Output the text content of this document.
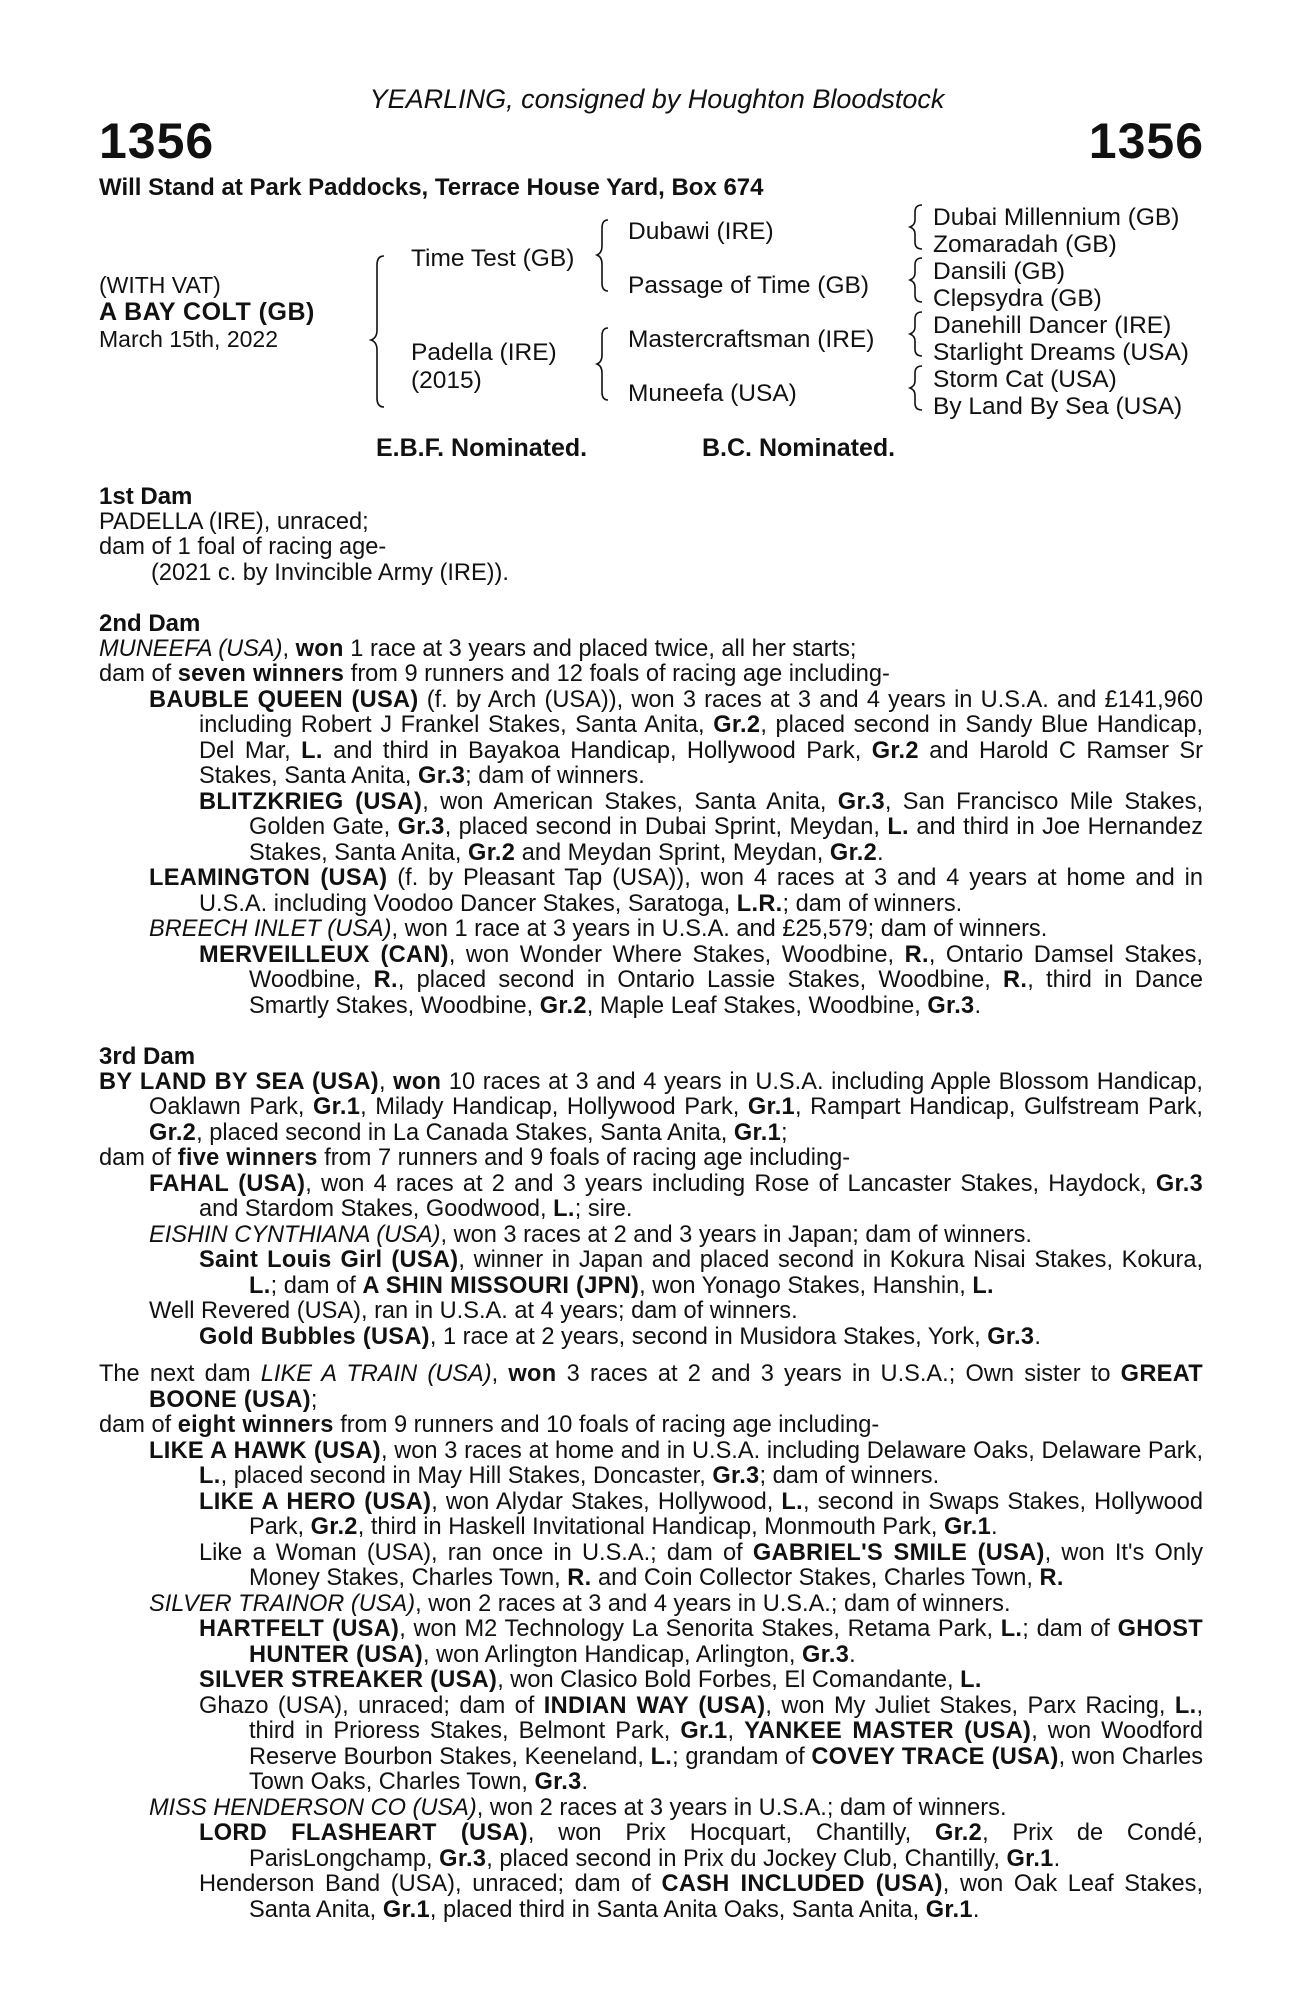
YEARLING, consigned by Houghton Bloodstock
1356	1356
Will Stand at Park Paddocks, Terrace House Yard, Box 674
(WITH VAT)
A BAY COLT (GB)
March 15th, 2022
Time Test (GB)
Padella (IRE)
(2015)
Dubawi (IRE)
Passage of Time (GB)
Mastercraftsman (IRE)
Muneefa (USA)
Dubai Millennium (GB)
Zomaradah (GB)
Dansili (GB)
Clepsydra (GB)
Danehill Dancer (IRE)
Starlight Dreams (USA)
Storm Cat (USA)
By Land By Sea (USA)
E.B.F. Nominated.	B.C. Nominated.
1st Dam

PADELLA (IRE), unraced;

dam of 1 foal of racing age-

(2021 c. by Invincible Army (IRE)).

2nd Dam

MUNEEFA (USA), won 1 race at 3 years and placed twice, all her starts;

dam of seven winners from 9 runners and 12 foals of racing age including-

BAUBLE QUEEN (USA) (f. by Arch (USA)), won 3 races at 3 and 4 years in U.S.A. and £141,960 including Robert J Frankel Stakes, Santa Anita, Gr.2, placed second in Sandy Blue Handicap, Del Mar, L. and third in Bayakoa Handicap, Hollywood Park, Gr.2 and Harold C Ramser Sr Stakes, Santa Anita, Gr.3; dam of winners.

BLITZKRIEG (USA), won American Stakes, Santa Anita, Gr.3, San Francisco Mile Stakes, Golden Gate, Gr.3, placed second in Dubai Sprint, Meydan, L. and third in Joe Hernandez Stakes, Santa Anita, Gr.2 and Meydan Sprint, Meydan, Gr.2.

LEAMINGTON (USA) (f. by Pleasant Tap (USA)), won 4 races at 3 and 4 years at home and in U.S.A. including Voodoo Dancer Stakes, Saratoga, L.R.; dam of winners.

BREECH INLET (USA), won 1 race at 3 years in U.S.A. and £25,579; dam of winners.

MERVEILLEUX (CAN), won Wonder Where Stakes, Woodbine, R., Ontario Damsel Stakes, Woodbine, R., placed second in Ontario Lassie Stakes, Woodbine, R., third in Dance Smartly Stakes, Woodbine, Gr.2, Maple Leaf Stakes, Woodbine, Gr.3.

3rd Dam

BY LAND BY SEA (USA), won 10 races at 3 and 4 years in U.S.A. including Apple Blossom Handicap, Oaklawn Park, Gr.1, Milady Handicap, Hollywood Park, Gr.1, Rampart Handicap, Gulfstream Park, Gr.2, placed second in La Canada Stakes, Santa Anita, Gr.1;

dam of five winners from 7 runners and 9 foals of racing age including-

FAHAL (USA), won 4 races at 2 and 3 years including Rose of Lancaster Stakes, Haydock, Gr.3 and Stardom Stakes, Goodwood, L.; sire.

EISHIN CYNTHIANA (USA), won 3 races at 2 and 3 years in Japan; dam of winners.

Saint Louis Girl (USA), winner in Japan and placed second in Kokura Nisai Stakes, Kokura, L.; dam of A SHIN MISSOURI (JPN), won Yonago Stakes, Hanshin, L.

Well Revered (USA), ran in U.S.A. at 4 years; dam of winners.

Gold Bubbles (USA), 1 race at 2 years, second in Musidora Stakes, York, Gr.3.

The next dam LIKE A TRAIN (USA), won 3 races at 2 and 3 years in U.S.A.; Own sister to GREAT BOONE (USA);

dam of eight winners from 9 runners and 10 foals of racing age including-

LIKE A HAWK (USA), won 3 races at home and in U.S.A. including Delaware Oaks, Delaware Park, L., placed second in May Hill Stakes, Doncaster, Gr.3; dam of winners.

LIKE A HERO (USA), won Alydar Stakes, Hollywood, L., second in Swaps Stakes, Hollywood Park, Gr.2, third in Haskell Invitational Handicap, Monmouth Park, Gr.1.

Like a Woman (USA), ran once in U.S.A.; dam of GABRIEL'S SMILE (USA), won It's Only Money Stakes, Charles Town, R. and Coin Collector Stakes, Charles Town, R.

SILVER TRAINOR (USA), won 2 races at 3 and 4 years in U.S.A.; dam of winners.

HARTFELT (USA), won M2 Technology La Senorita Stakes, Retama Park, L.; dam of GHOST HUNTER (USA), won Arlington Handicap, Arlington, Gr.3.

SILVER STREAKER (USA), won Clasico Bold Forbes, El Comandante, L.

Ghazo (USA), unraced; dam of INDIAN WAY (USA), won My Juliet Stakes, Parx Racing, L., third in Prioress Stakes, Belmont Park, Gr.1, YANKEE MASTER (USA), won Woodford Reserve Bourbon Stakes, Keeneland, L.; grandam of COVEY TRACE (USA), won Charles Town Oaks, Charles Town, Gr.3.

MISS HENDERSON CO (USA), won 2 races at 3 years in U.S.A.; dam of winners.

LORD FLASHEART (USA), won Prix Hocquart, Chantilly, Gr.2, Prix de Condé, ParisLongchamp, Gr.3, placed second in Prix du Jockey Club, Chantilly, Gr.1.

Henderson Band (USA), unraced; dam of CASH INCLUDED (USA), won Oak Leaf Stakes, Santa Anita, Gr.1, placed third in Santa Anita Oaks, Santa Anita, Gr.1.
